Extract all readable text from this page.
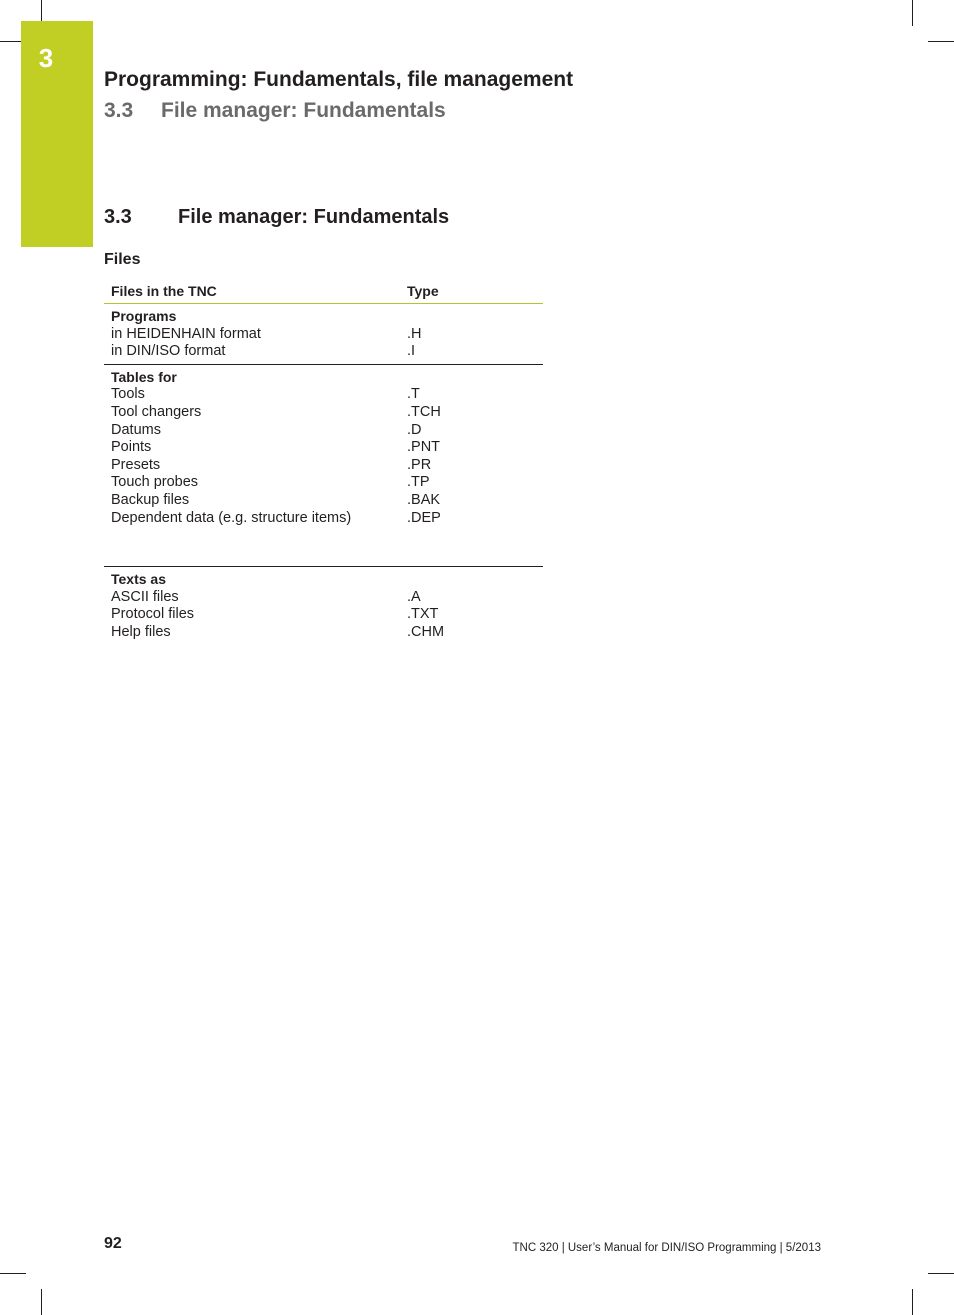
3
Programming: Fundamentals, file management
3.3 File manager: Fundamentals
3.3 File manager: Fundamentals
Files
Files in the TNC	Type
Programs
in HEIDENHAIN format	.H
in DIN/ISO format	.I
Tables for
Tools	.T
Tool changers	.TCH
Datums	.D
Points	.PNT
Presets	.PR
Touch probes	.TP
Backup files	.BAK
Dependent data (e.g. structure items)	.DEP
Texts as
ASCII files	.A
Protocol files	.TXT
Help files	.CHM
92	TNC 320 | User’s Manual for DIN/ISO Programming | 5/2013
